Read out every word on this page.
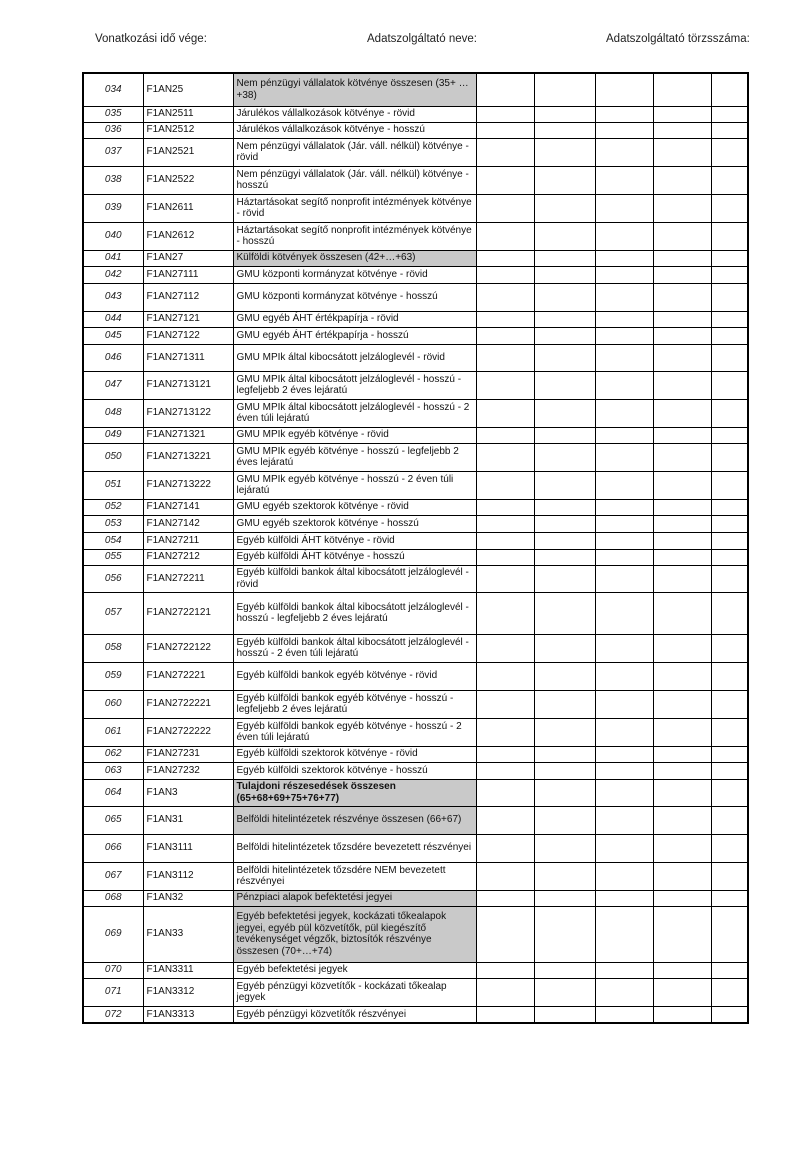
Vonatkozási idő vége:	Adatszolgáltató neve:	Adatszolgáltató törzsszáma:
034	F1AN25	Nem pénzügyi vállalatok kötvénye összesen (35+ … +38)					
035	F1AN2511	Járulékos vállalkozások kötvénye - rövid					
036	F1AN2512	Járulékos vállalkozások kötvénye - hosszú					
037	F1AN2521	Nem pénzügyi vállalatok (Jár. váll. nélkül) kötvénye - rövid					
038	F1AN2522	Nem pénzügyi vállalatok (Jár. váll. nélkül) kötvénye - hosszú					
039	F1AN2611	Háztartásokat segítő nonprofit intézmények kötvénye - rövid					
040	F1AN2612	Háztartásokat segítő nonprofit intézmények kötvénye - hosszú					
041	F1AN27	Külföldi kötvények összesen (42+…+63)					
042	F1AN27111	GMU központi kormányzat kötvénye - rövid					
043	F1AN27112	GMU központi kormányzat kötvénye - hosszú					
044	F1AN27121	GMU egyéb ÁHT értékpapírja - rövid					
045	F1AN27122	GMU egyéb ÁHT értékpapírja - hosszú					
046	F1AN271311	GMU MPIk által kibocsátott jelzáloglevél - rövid					
047	F1AN2713121	GMU MPIk által kibocsátott jelzáloglevél - hosszú - legfeljebb 2 éves lejáratú					
048	F1AN2713122	GMU MPIk által kibocsátott jelzáloglevél - hosszú - 2 éven túli lejáratú					
049	F1AN271321	GMU MPIk egyéb kötvénye - rövid					
050	F1AN2713221	GMU MPIk egyéb kötvénye - hosszú - legfeljebb 2 éves lejáratú					
051	F1AN2713222	GMU MPIk egyéb kötvénye - hosszú - 2 éven túli lejáratú					
052	F1AN27141	GMU egyéb szektorok kötvénye - rövid					
053	F1AN27142	GMU egyéb szektorok kötvénye - hosszú					
054	F1AN27211	Egyéb külföldi ÁHT kötvénye - rövid					
055	F1AN27212	Egyéb külföldi ÁHT kötvénye - hosszú					
056	F1AN272211	Egyéb külföldi bankok által kibocsátott jelzáloglevél - rövid					
057	F1AN2722121	Egyéb külföldi bankok által kibocsátott jelzáloglevél - hosszú - legfeljebb 2 éves lejáratú					
058	F1AN2722122	Egyéb külföldi bankok által kibocsátott jelzáloglevél - hosszú - 2 éven túli lejáratú					
059	F1AN272221	Egyéb külföldi bankok egyéb kötvénye - rövid					
060	F1AN2722221	Egyéb külföldi bankok egyéb kötvénye - hosszú - legfeljebb 2 éves lejáratú					
061	F1AN2722222	Egyéb külföldi bankok egyéb kötvénye - hosszú - 2 éven túli lejáratú					
062	F1AN27231	Egyéb külföldi szektorok kötvénye - rövid					
063	F1AN27232	Egyéb külföldi szektorok kötvénye - hosszú					
064	F1AN3	Tulajdoni részesedések összesen (65+68+69+75+76+77)					
065	F1AN31	Belföldi hitelintézetek részvénye összesen (66+67)					
066	F1AN3111	Belföldi hitelintézetek tőzsdére bevezetett részvényei					
067	F1AN3112	Belföldi hitelintézetek tőzsdére NEM bevezetett részvényei					
068	F1AN32	Pénzpiaci alapok befektetési jegyei					
069	F1AN33	Egyéb befektetési jegyek, kockázati tőkealapok jegyei, egyéb pül közvetítők, pül kiegészítő tevékenységet végzők, biztosítók részvénye összesen (70+…+74)					
070	F1AN3311	Egyéb befektetési jegyek					
071	F1AN3312	Egyéb pénzügyi közvetítők - kockázati tőkealap jegyek					
072	F1AN3313	Egyéb pénzügyi közvetítők részvényei					
